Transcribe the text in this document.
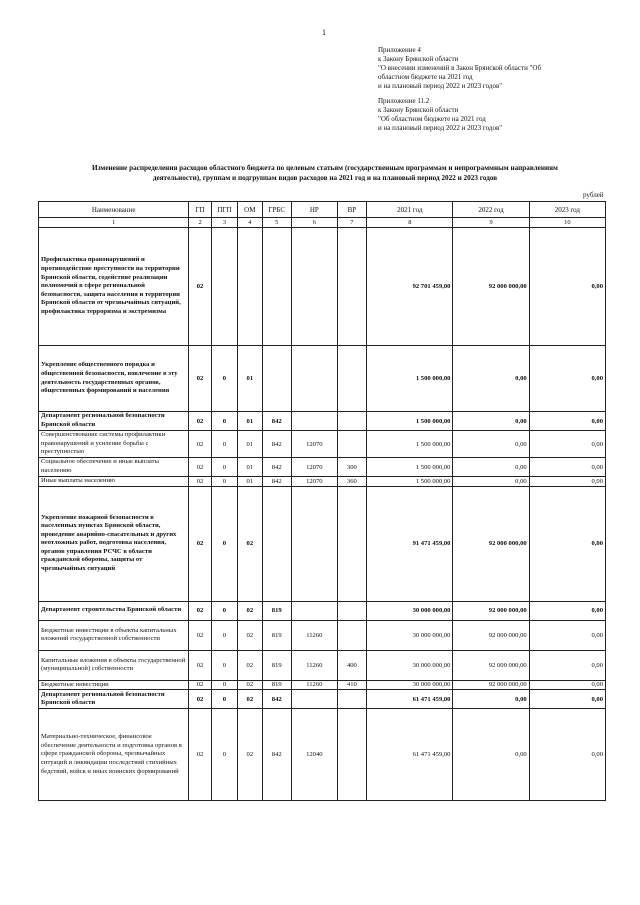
1
Приложение 4
к Закону Брянской области
"О внесении изменений в Закон Брянской области "Об
областном бюджете на 2021 год
и на плановый период 2022 и 2023 годов"
Приложение 11.2
к Закону Брянской области
"Об областном бюджете на 2021 год
и на плановый период 2022 и 2023 годов"
Изменение распределения расходов областного бюджета по целевым статьям (государственным программам и непрограммным направлениям
деятельности), группам и подгруппам видов расходов на 2021 год и на плановый период 2022 и 2023 годов
рублей
Наименование	ГП	ПГП	ОМ	ГРБС	НР	ВР	2021 год	2022 год	2023 год
1	2	3	4	5	6	7	8	9	10
Профилактика правонарушений и противодействие преступности на территории Брянской области, содействие реализации полномочий в сфере региональной безопасности, защита населения и территории Брянской области от чрезвычайных ситуаций, профилактика терроризма и экстремизма	02						92 701 459,00	92 000 000,00	0,00
Укрепление общественного порядка и общественной безопасности, вовлечение в эту деятельность государственных органов, общественных формирований и населения	02	0	01				1 500 000,00	0,00	0,00
Департамент региональной безопасности Брянской области	02	0	01	842			1 500 000,00	0,00	0,00
Совершенствование системы профилактики правонарушений и усиление борьбы с преступностью	02	0	01	842	12070		1 500 000,00	0,00	0,00
Социальное обеспечение и иные выплаты населению	02	0	01	842	12070	300	1 500 000,00	0,00	0,00
Иные выплаты населению	02	0	01	842	12070	360	1 500 000,00	0,00	0,00
Укрепление пожарной безопасности в населенных пунктах Брянской области, проведение аварийно-спасательных и других неотложных работ, подготовка населения, органов управления РСЧС в области гражданской обороны, защиты от чрезвычайных ситуаций	02	0	02				91 471 459,00	92 000 000,00	0,00
Департамент строительства Брянской области	02	0	02	819			30 000 000,00	92 000 000,00	0,00
Бюджетные инвестиции в объекты капитальных вложений государственной собственности	02	0	02	819	11260		30 000 000,00	92 000 000,00	0,00
Капитальные вложения в объекты государственной (муниципальной) собственности	02	0	02	819	11260	400	30 000 000,00	92 000 000,00	0,00
Бюджетные инвестиции	02	0	02	819	11260	410	30 000 000,00	92 000 000,00	0,00
Департамент региональной безопасности Брянской области	02	0	02	842			61 471 459,00	0,00	0,00
Материально-техническое, финансовое обеспечение деятельности и подготовка органов в сфере гражданской обороны, чрезвычайных ситуаций и ликвидации последствий стихийных бедствий, войск и иных воинских формирований	02	0	02	842	12040		61 471 459,00	0,00	0,00
